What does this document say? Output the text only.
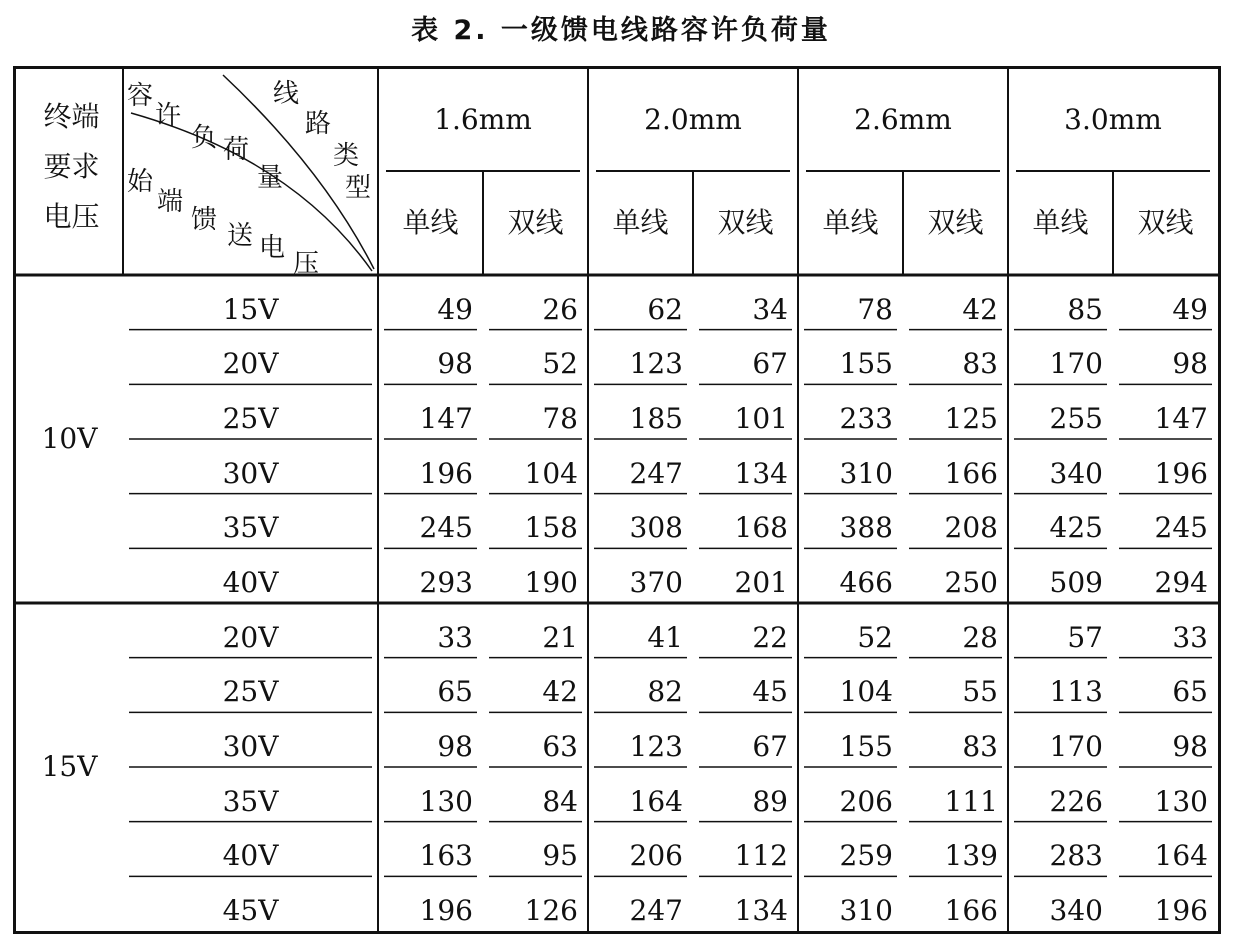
表 2. 一级馈电线路容许负荷量
终端
要求
电压
容
许
负 荷
量
线
路
类
型
始
端
馈
送 电
压
1.6mm
单线	双线
2.0mm
单线	双线
2.6mm
单线	双线
3.0mm
单线	双线
10V
15V	49	26	62	34	78	42	85	49
20V	98	52	123	67	155	83	170	98
25V	147	78	185	101	233	125	255	147
30V	196	104	247	134	310	166	340	196
35V	245	158	308	168	388	208	425	245
40V	293	190	370	201	466	250	509	294
15V
20V	33	21	41	22	52	28	57	33
25V	65	42	82	45	104	55	113	65
30V	98	63	123	67	155	83	170	98
35V	130	84	164	89	206	111	226	130
40V	163	95	206	112	259	139	283	164
45V	196	126	247	134	310	166	340	196
